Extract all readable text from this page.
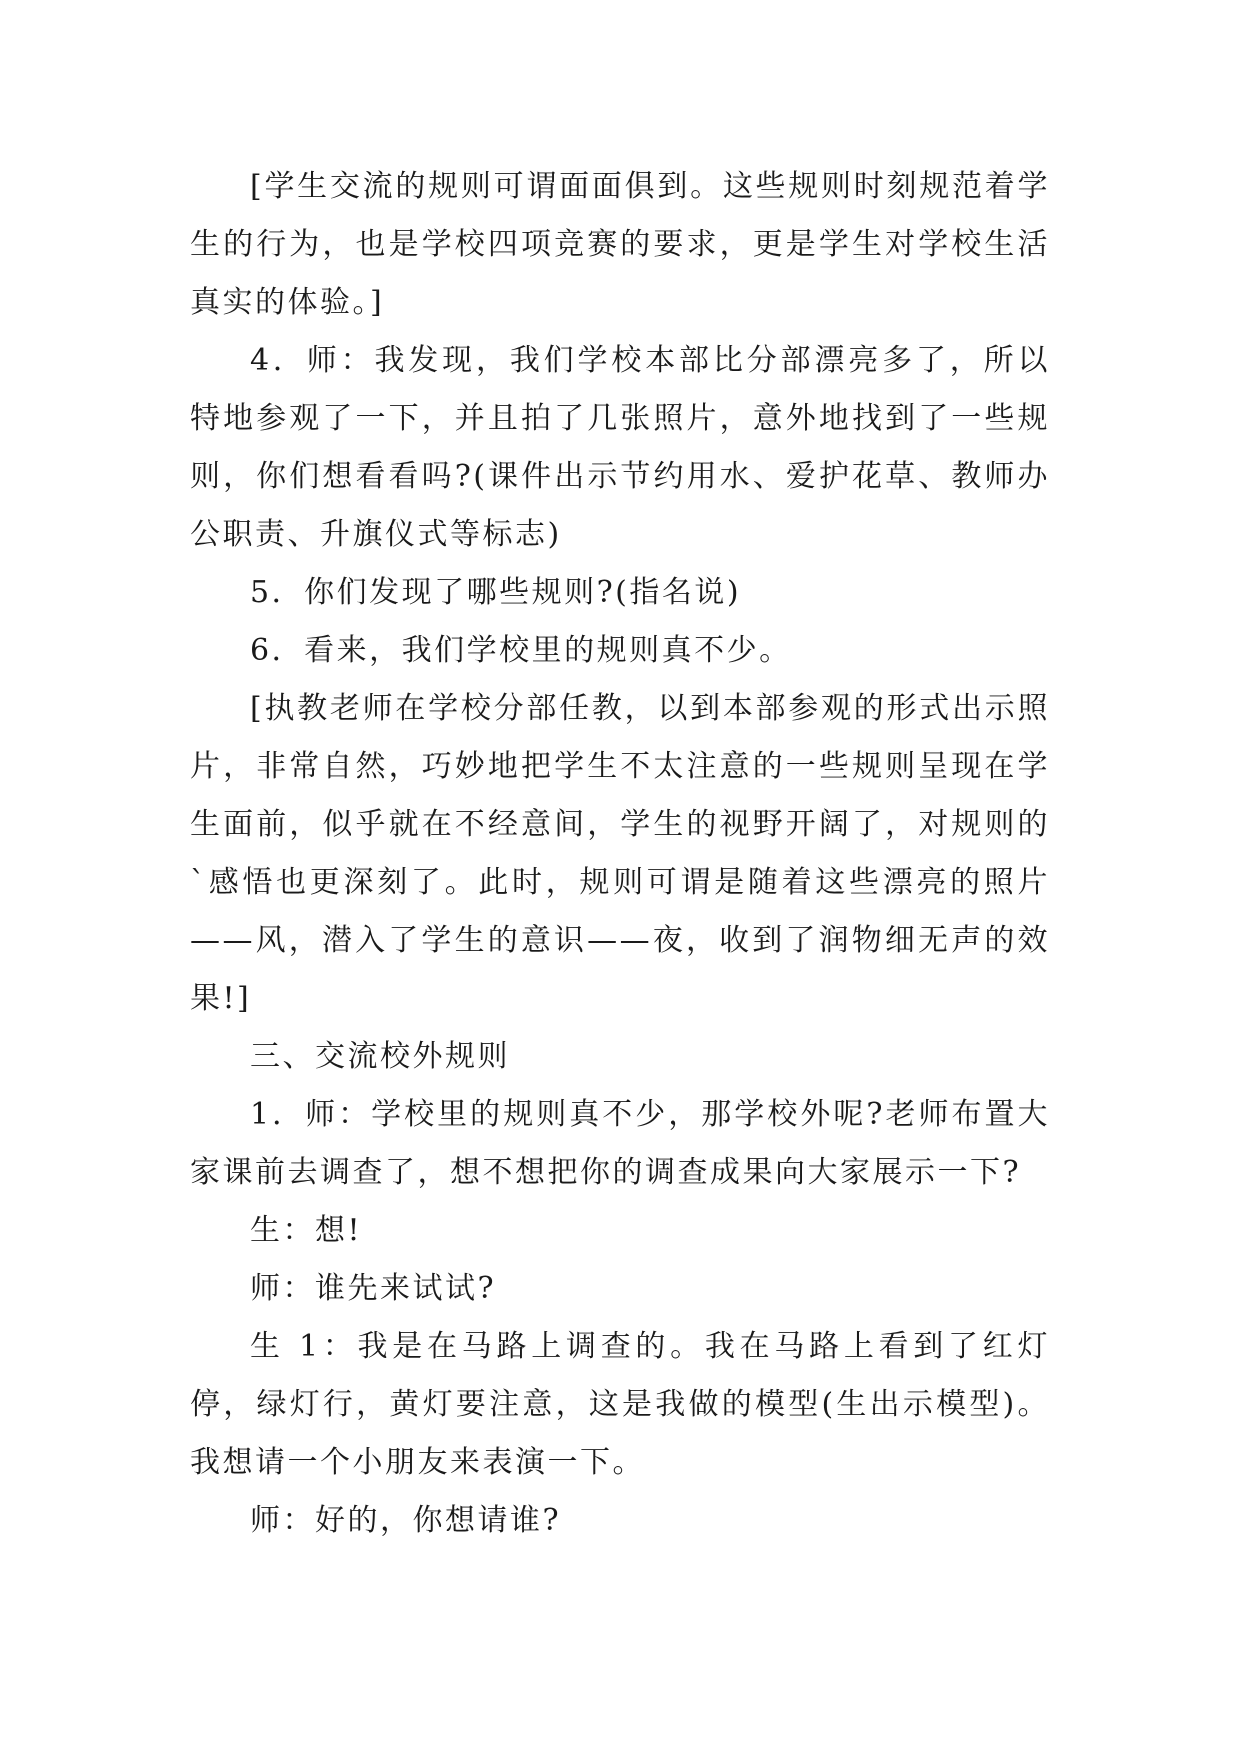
[学生交流的规则可谓面面俱到。这些规则时刻规范着学生的行为，也是学校四项竞赛的要求，更是学生对学校生活真实的体验。]

4．师：我发现，我们学校本部比分部漂亮多了，所以特地参观了一下，并且拍了几张照片，意外地找到了一些规则，你们想看看吗?(课件出示节约用水、爱护花草、教师办公职责、升旗仪式等标志)

5．你们发现了哪些规则?(指名说)

6．看来，我们学校里的规则真不少。

[执教老师在学校分部任教，以到本部参观的形式出示照片，非常自然，巧妙地把学生不太注意的一些规则呈现在学生面前，似乎就在不经意间，学生的视野开阔了，对规则的`感悟也更深刻了。此时，规则可谓是随着这些漂亮的照片——风，潜入了学生的意识——夜，收到了润物细无声的效果!]

三、交流校外规则

1．师：学校里的规则真不少，那学校外呢?老师布置大家课前去调查了，想不想把你的调查成果向大家展示一下?

生：想!

师：谁先来试试?

生 1：我是在马路上调查的。我在马路上看到了红灯停，绿灯行，黄灯要注意，这是我做的模型(生出示模型)。我想请一个小朋友来表演一下。

师：好的，你想请谁?
